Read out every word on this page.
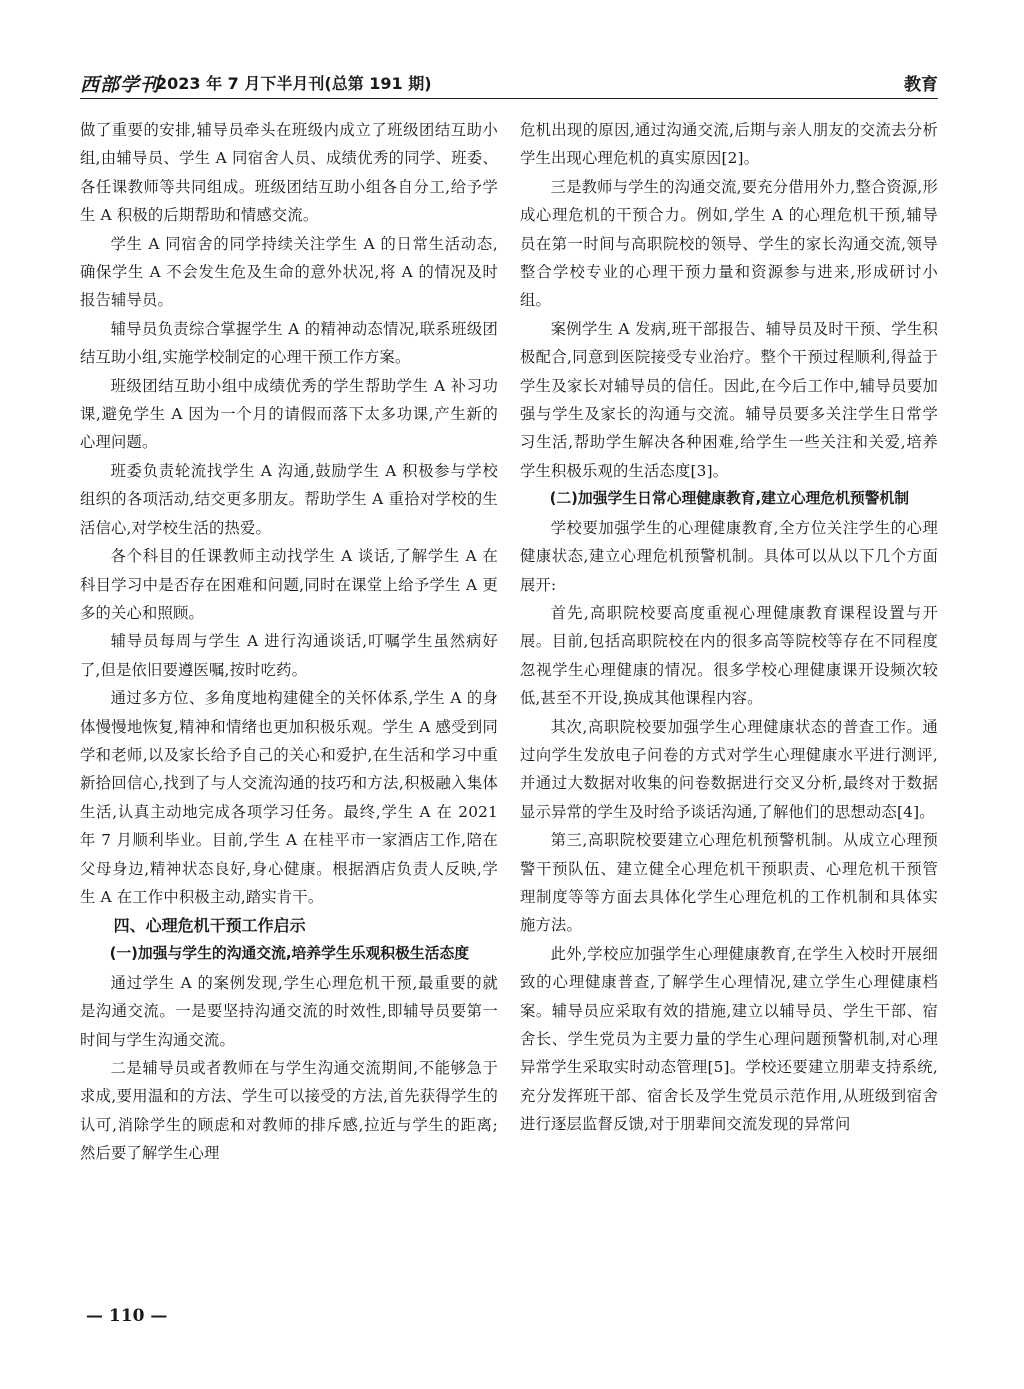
西部学刊
2023 年 7 月下半月刊(总第 191 期)	教育

做了重要的安排,辅导员牵头在班级内成立了班级团结互助小组,由辅导员、学生 A 同宿舍人员、成绩优秀的同学、班委、各任课教师等共同组成。班级团结互助小组各自分工,给予学生 A 积极的后期帮助和情感交流。

学生 A 同宿舍的同学持续关注学生 A 的日常生活动态,确保学生 A 不会发生危及生命的意外状况,将 A 的情况及时报告辅导员。

辅导员负责综合掌握学生 A 的精神动态情况,联系班级团结互助小组,实施学校制定的心理干预工作方案。

班级团结互助小组中成绩优秀的学生帮助学生 A 补习功课,避免学生 A 因为一个月的请假而落下太多功课,产生新的心理问题。

班委负责轮流找学生 A 沟通,鼓励学生 A 积极参与学校组织的各项活动,结交更多朋友。帮助学生 A 重拾对学校的生活信心,对学校生活的热爱。

各个科目的任课教师主动找学生 A 谈话,了解学生 A 在科目学习中是否存在困难和问题,同时在课堂上给予学生 A 更多的关心和照顾。

辅导员每周与学生 A 进行沟通谈话,叮嘱学生虽然病好了,但是依旧要遵医嘱,按时吃药。

通过多方位、多角度地构建健全的关怀体系,学生 A 的身体慢慢地恢复,精神和情绪也更加积极乐观。学生 A 感受到同学和老师,以及家长给予自己的关心和爱护,在生活和学习中重新拾回信心,找到了与人交流沟通的技巧和方法,积极融入集体生活,认真主动地完成各项学习任务。最终,学生 A 在 2021 年 7 月顺利毕业。目前,学生 A 在桂平市一家酒店工作,陪在父母身边,精神状态良好,身心健康。根据酒店负责人反映,学生 A 在工作中积极主动,踏实肯干。

四、心理危机干预工作启示
(一)加强与学生的沟通交流,培养学生乐观积极生活态度

通过学生 A 的案例发现,学生心理危机干预,最重要的就是沟通交流。一是要坚持沟通交流的时效性,即辅导员要第一时间与学生沟通交流。

二是辅导员或者教师在与学生沟通交流期间,不能够急于求成,要用温和的方法、学生可以接受的方法,首先获得学生的认可,消除学生的顾虑和对教师的排斥感,拉近与学生的距离;然后要了解学生心理

危机出现的原因,通过沟通交流,后期与亲人朋友的交流去分析学生出现心理危机的真实原因[2]。

三是教师与学生的沟通交流,要充分借用外力,整合资源,形成心理危机的干预合力。例如,学生 A 的心理危机干预,辅导员在第一时间与高职院校的领导、学生的家长沟通交流,领导整合学校专业的心理干预力量和资源参与进来,形成研讨小组。

案例学生 A 发病,班干部报告、辅导员及时干预、学生积极配合,同意到医院接受专业治疗。整个干预过程顺利,得益于学生及家长对辅导员的信任。因此,在今后工作中,辅导员要加强与学生及家长的沟通与交流。辅导员要多关注学生日常学习生活,帮助学生解决各种困难,给学生一些关注和关爱,培养学生积极乐观的生活态度[3]。

(二)加强学生日常心理健康教育,建立心理危机预警机制

学校要加强学生的心理健康教育,全方位关注学生的心理健康状态,建立心理危机预警机制。具体可以从以下几个方面展开:

首先,高职院校要高度重视心理健康教育课程设置与开展。目前,包括高职院校在内的很多高等院校等存在不同程度忽视学生心理健康的情况。很多学校心理健康课开设频次较低,甚至不开设,换成其他课程内容。

其次,高职院校要加强学生心理健康状态的普查工作。通过向学生发放电子问卷的方式对学生心理健康水平进行测评,并通过大数据对收集的问卷数据进行交叉分析,最终对于数据显示异常的学生及时给予谈话沟通,了解他们的思想动态[4]。

第三,高职院校要建立心理危机预警机制。从成立心理预警干预队伍、建立健全心理危机干预职责、心理危机干预管理制度等等方面去具体化学生心理危机的工作机制和具体实施方法。

此外,学校应加强学生心理健康教育,在学生入校时开展细致的心理健康普查,了解学生心理情况,建立学生心理健康档案。辅导员应采取有效的措施,建立以辅导员、学生干部、宿舍长、学生党员为主要力量的学生心理问题预警机制,对心理异常学生采取实时动态管理[5]。学校还要建立朋辈支持系统,充分发挥班干部、宿舍长及学生党员示范作用,从班级到宿舍进行逐层监督反馈,对于朋辈间交流发现的异常问

— 110 —
